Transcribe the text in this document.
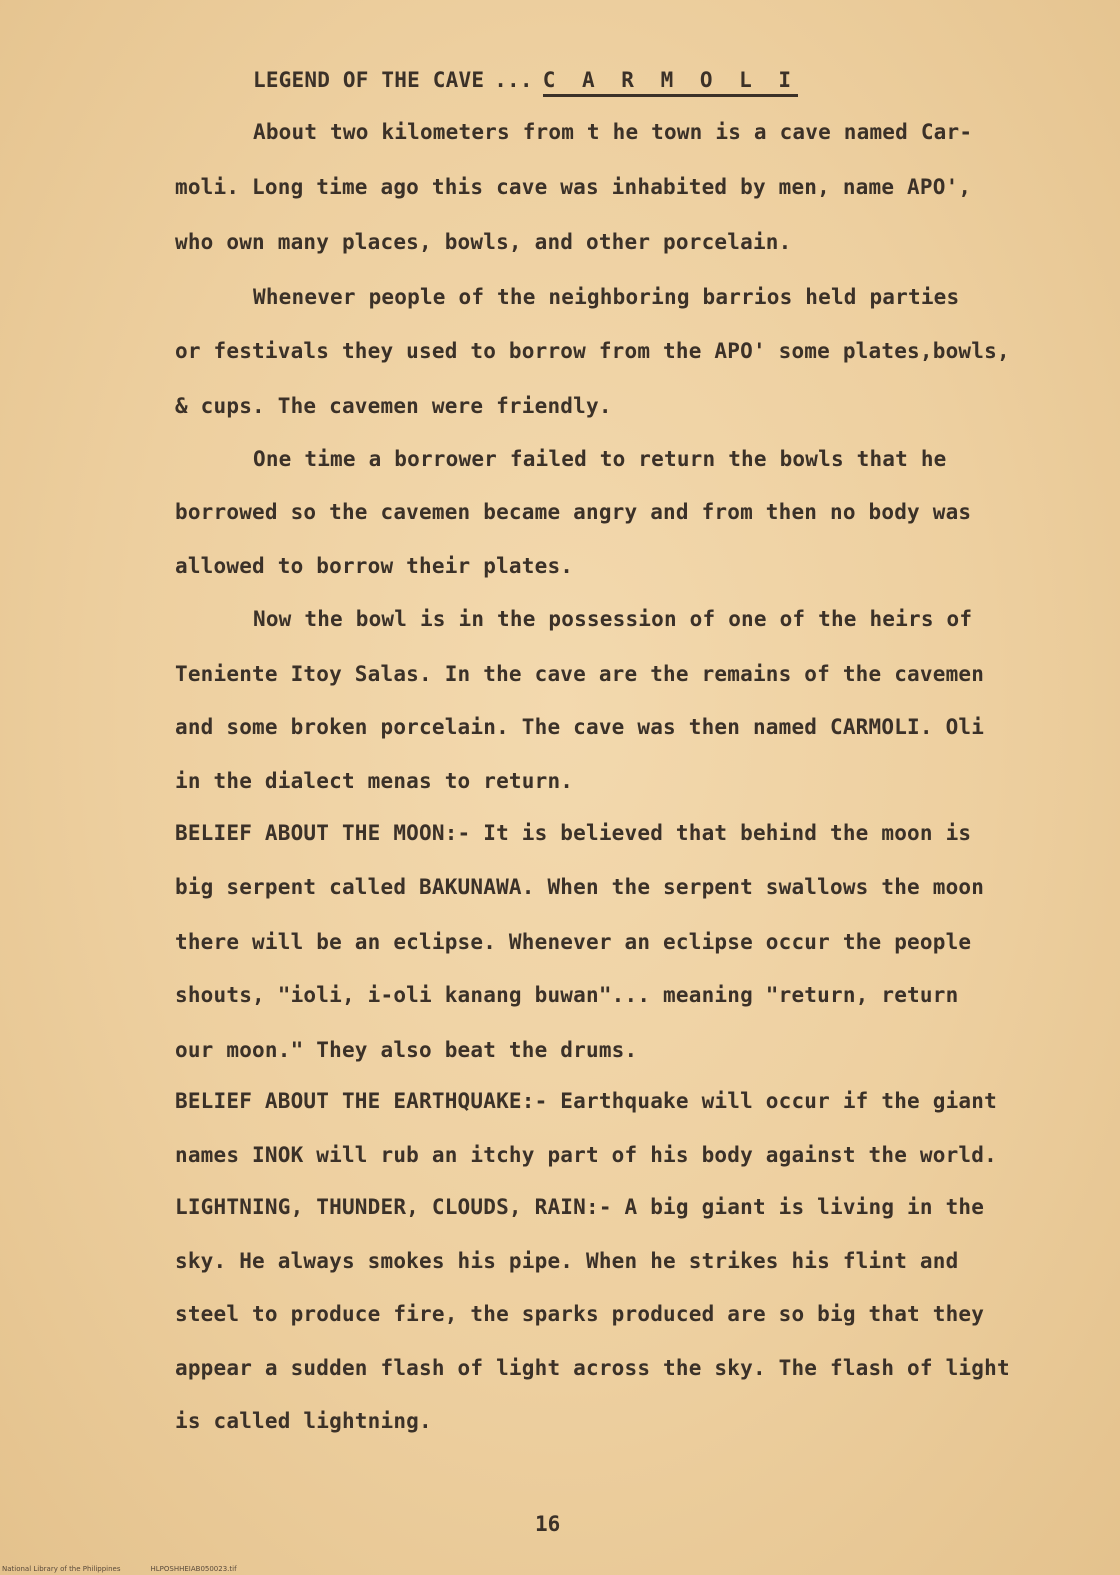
LEGEND OF THE CAVE ... C A R M O L I
About two kilometers from t he town is a cave named Car-
moli. Long time ago this cave was inhabited by men, name APO',
who own many places, bowls, and other porcelain.
Whenever people of the neighboring barrios held parties
or festivals they used to borrow from the APO' some plates,bowls,
& cups. The cavemen were friendly.
One time a borrower failed to return the bowls that he
borrowed so the cavemen became angry and from then no body was
allowed to borrow their plates.
Now the bowl is in the possession of one of the heirs of
Teniente Itoy Salas. In the cave are the remains of the cavemen
and some broken porcelain. The cave was then named CARMOLI. Oli
in the dialect menas to return.
BELIEF ABOUT THE MOON:- It is believed that behind the moon is
big serpent called BAKUNAWA. When the serpent swallows the moon
there will be an eclipse. Whenever an eclipse occur the people
shouts, "ioli, i-oli kanang buwan"... meaning "return, return
our moon." They also beat the drums.
BELIEF ABOUT THE EARTHQUAKE:- Earthquake will occur if the giant
names INOK will rub an itchy part of his body against the world.
LIGHTNING, THUNDER, CLOUDS, RAIN:- A big giant is living in the
sky. He always smokes his pipe. When he strikes his flint and
steel to produce fire, the sparks produced are so big that they
appear a sudden flash of light across the sky. The flash of light
is called lightning.
16
National Library of the Philippines	HLPOSHHEIAB050023.tif
